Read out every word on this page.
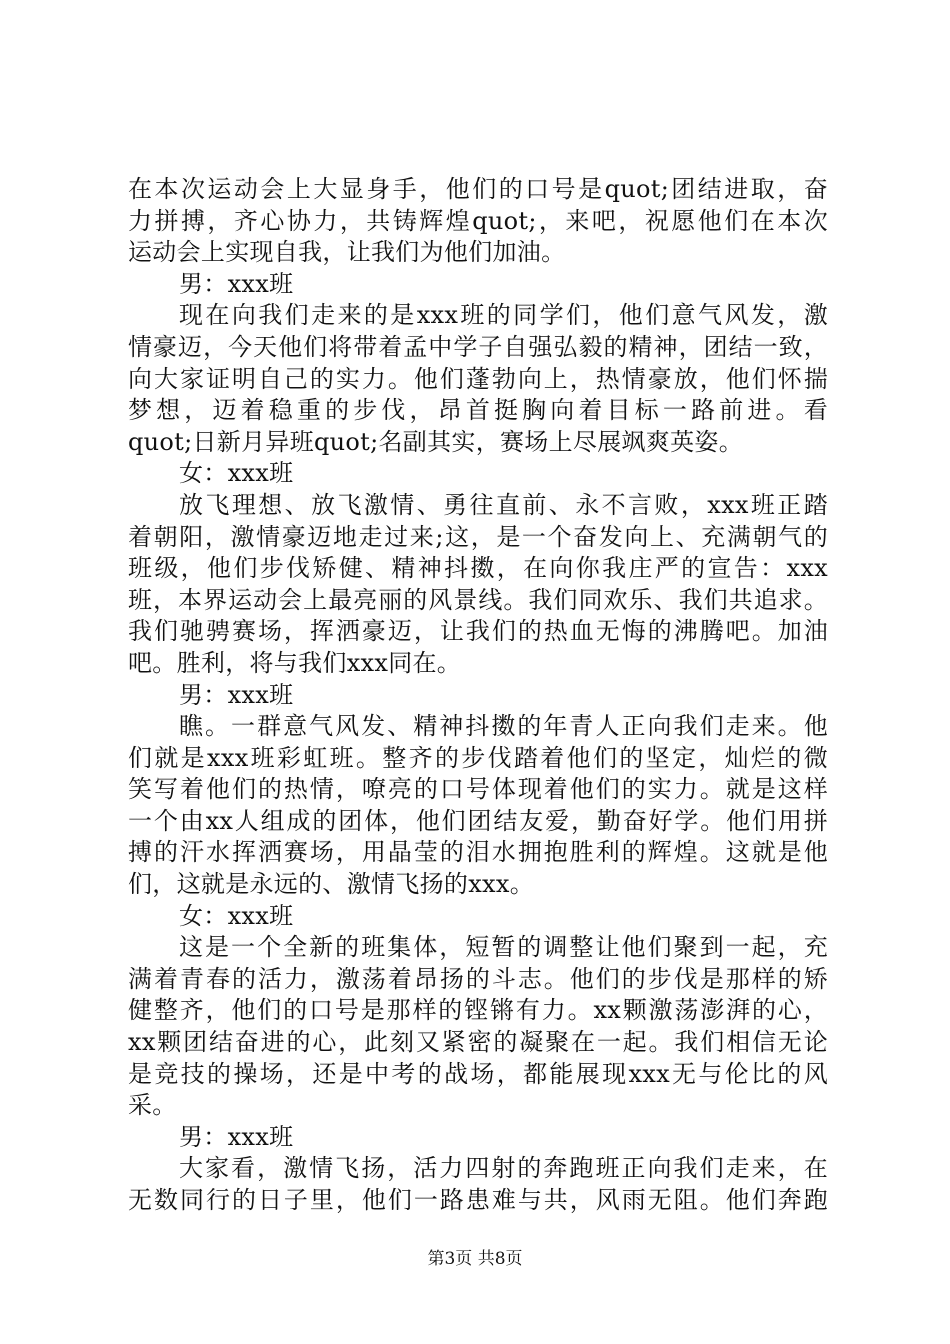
在本次运动会上大显身手，他们的口号是quot;团结进取，奋
力拼搏，齐心协力，共铸辉煌quot;，来吧，祝愿他们在本次
运动会上实现自我，让我们为他们加油。
男：xxx班
现在向我们走来的是xxx班的同学们，他们意气风发，激
情豪迈，今天他们将带着孟中学子自强弘毅的精神，团结一致，
向大家证明自己的实力。他们蓬勃向上，热情豪放，他们怀揣
梦想，迈着稳重的步伐，昂首挺胸向着目标一路前进。看
quot;日新月异班quot;名副其实，赛场上尽展飒爽英姿。
女：xxx班
放飞理想、放飞激情、勇往直前、永不言败，xxx班正踏
着朝阳，激情豪迈地走过来;这，是一个奋发向上、充满朝气的
班级，他们步伐矫健、精神抖擞，在向你我庄严的宣告：xxx
班，本界运动会上最亮丽的风景线。我们同欢乐、我们共追求。
我们驰骋赛场，挥洒豪迈，让我们的热血无悔的沸腾吧。加油
吧。胜利，将与我们xxx同在。
男：xxx班
瞧。一群意气风发、精神抖擞的年青人正向我们走来。他
们就是xxx班彩虹班。整齐的步伐踏着他们的坚定，灿烂的微
笑写着他们的热情，嘹亮的口号体现着他们的实力。就是这样
一个由xx人组成的团体，他们团结友爱，勤奋好学。他们用拼
搏的汗水挥洒赛场，用晶莹的泪水拥抱胜利的辉煌。这就是他
们，这就是永远的、激情飞扬的xxx。
女：xxx班
这是一个全新的班集体，短暂的调整让他们聚到一起，充
满着青春的活力，激荡着昂扬的斗志。他们的步伐是那样的矫
健整齐，他们的口号是那样的铿锵有力。xx颗激荡澎湃的心，
xx颗团结奋进的心，此刻又紧密的凝聚在一起。我们相信无论
是竞技的操场，还是中考的战场，都能展现xxx无与伦比的风
采。
男：xxx班
大家看，激情飞扬，活力四射的奔跑班正向我们走来，在
无数同行的日子里，他们一路患难与共，风雨无阻。他们奔跑
第3页 共8页
